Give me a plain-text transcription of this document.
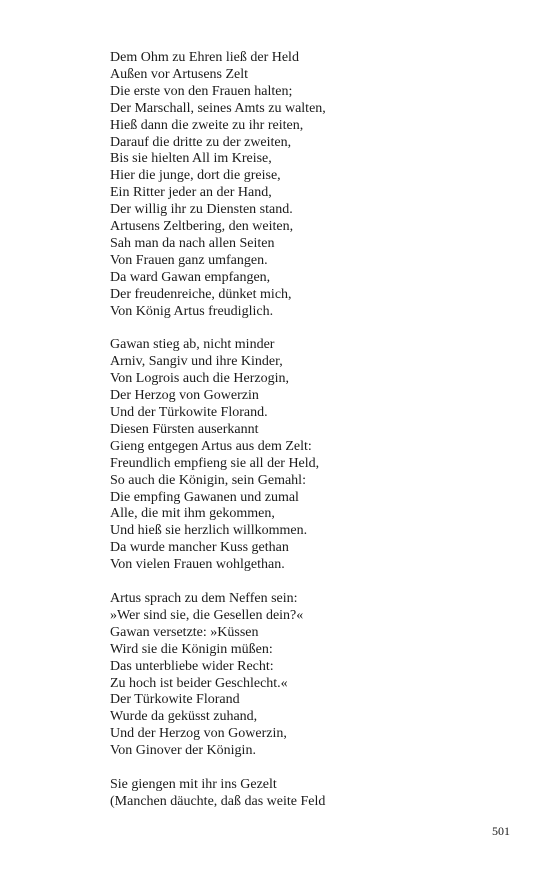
Dem Ohm zu Ehren ließ der Held
Außen vor Artusens Zelt
Die erste von den Frauen halten;
Der Marschall, seines Amts zu walten,
Hieß dann die zweite zu ihr reiten,
Darauf die dritte zu der zweiten,
Bis sie hielten All im Kreise,
Hier die junge, dort die greise,
Ein Ritter jeder an der Hand,
Der willig ihr zu Diensten stand.
Artusens Zeltbering, den weiten,
Sah man da nach allen Seiten
Von Frauen ganz umfangen.
Da ward Gawan empfangen,
Der freudenreiche, dünket mich,
Von König Artus freudiglich.
Gawan stieg ab, nicht minder
Arniv, Sangiv und ihre Kinder,
Von Logrois auch die Herzogin,
Der Herzog von Gowerzin
Und der Türkowite Florand.
Diesen Fürsten auserkannt
Gieng entgegen Artus aus dem Zelt:
Freundlich empfieng sie all der Held,
So auch die Königin, sein Gemahl:
Die empfing Gawanen und zumal
Alle, die mit ihm gekommen,
Und hieß sie herzlich willkommen.
Da wurde mancher Kuss gethan
Von vielen Frauen wohlgethan.
Artus sprach zu dem Neffen sein:
»Wer sind sie, die Gesellen dein?«
Gawan versetzte: »Küssen
Wird sie die Königin müßen:
Das unterbliebe wider Recht:
Zu hoch ist beider Geschlecht.«
Der Türkowite Florand
Wurde da geküsst zuhand,
Und der Herzog von Gowerzin,
Von Ginover der Königin.
Sie giengen mit ihr ins Gezelt
(Manchen däuchte, daß das weite Feld
501
